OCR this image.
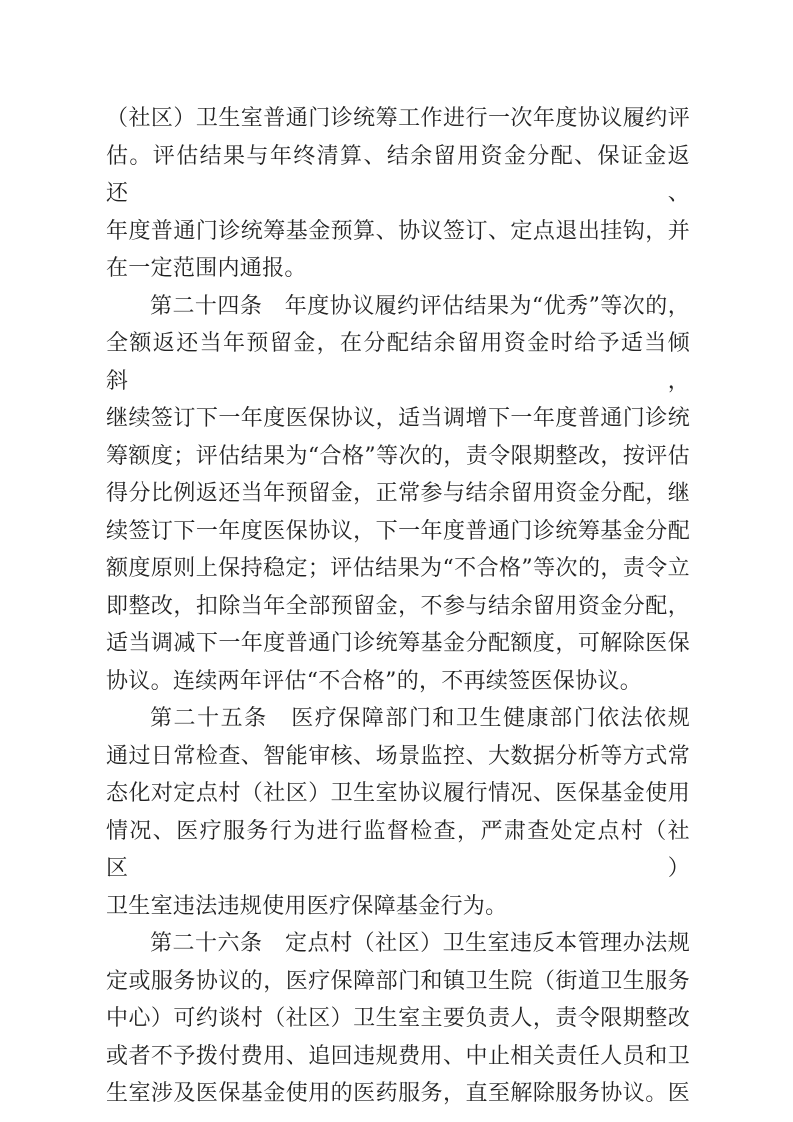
（社区）卫生室普通门诊统筹工作进行一次年度协议履约评
估。评估结果与年终清算、结余留用资金分配、保证金返还、
年度普通门诊统筹基金预算、协议签订、定点退出挂钩，并
在一定范围内通报。
第二十四条　年度协议履约评估结果为“优秀”等次的，
全额返还当年预留金，在分配结余留用资金时给予适当倾斜，
继续签订下一年度医保协议，适当调增下一年度普通门诊统
筹额度；评估结果为“合格”等次的，责令限期整改，按评估
得分比例返还当年预留金，正常参与结余留用资金分配，继
续签订下一年度医保协议，下一年度普通门诊统筹基金分配
额度原则上保持稳定；评估结果为“不合格”等次的，责令立
即整改，扣除当年全部预留金，不参与结余留用资金分配，
适当调减下一年度普通门诊统筹基金分配额度，可解除医保
协议。连续两年评估“不合格”的，不再续签医保协议。
第二十五条　医疗保障部门和卫生健康部门依法依规
通过日常检查、智能审核、场景监控、大数据分析等方式常
态化对定点村（社区）卫生室协议履行情况、医保基金使用
情况、医疗服务行为进行监督检查，严肃查处定点村（社区）
卫生室违法违规使用医疗保障基金行为。
第二十六条　定点村（社区）卫生室违反本管理办法规
定或服务协议的，医疗保障部门和镇卫生院（街道卫生服务
中心）可约谈村（社区）卫生室主要负责人，责令限期整改
或者不予拨付费用、追回违规费用、中止相关责任人员和卫
生室涉及医保基金使用的医药服务，直至解除服务协议。医
